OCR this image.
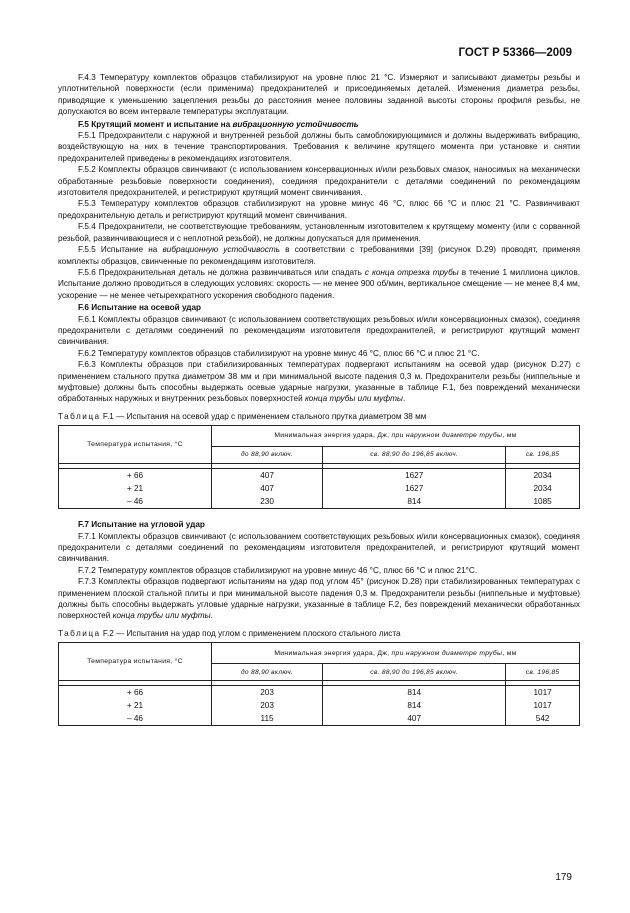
ГОСТ Р 53366—2009

F.4.3 Температуру комплектов образцов стабилизируют на уровне плюс 21 °С. Измеряют и записывают диаметры резьбы и уплотнительной поверхности (если применима) предохранителей и присоединяемых деталей. Изменения диаметра резьбы, приводящие к уменьшению зацепления резьбы до расстояния менее половины заданной высоты стороны профиля резьбы, не допускаются во всем интервале температуры эксплуатации.

F.5 Крутящий момент и испытание на вибрационную устойчивость

F.5.1 Предохранители с наружной и внутренней резьбой должны быть самоблокирующимися и должны выдерживать вибрацию, воздействующую на них в течение транспортирования. Требования к величине крутящего момента при установке и снятии предохранителей приведены в рекомендациях изготовителя.

F.5.2 Комплекты образцов свинчивают (с использованием консервационных и/или резьбовых смазок, наносимых на механически обработанные резьбовые поверхности соединения), соединяя предохранители с деталями соединений по рекомендациям изготовителя предохранителей, и регистрируют крутящий момент свинчивания.

F.5.3 Температуру комплектов образцов стабилизируют на уровне минус 46 °С, плюс 66 °С и плюс 21 °С. Развинчивают предохранительную деталь и регистрируют крутящий момент свинчивания.

F.5.4 Предохранители, не соответствующие требованиям, установленным изготовителем к крутящему моменту (или с сорванной резьбой, развинчивающиеся и с неплотной резьбой), не должны допускаться для применения.

F.5.5 Испытание на вибрационную устойчивость в соответствии с требованиями [39] (рисунок D.29) проводят, применяя комплекты образцов, свинченные по рекомендациям изготовителя.

F.5.6 Предохранительная деталь не должна развинчиваться или спадать с конца отрезка трубы в течение 1 миллиона циклов. Испытание должно проводиться в следующих условиях: скорость — не менее 900 об/мин, вертикальное смещение — не менее 8,4 мм, ускорение — не менее четырехкратного ускорения свободного падения.

F.6 Испытание на осевой удар

F.6.1 Комплекты образцов свинчивают (с использованием соответствующих резьбовых и/или консервационных смазок), соединяя предохранители с деталями соединений по рекомендациям изготовителя предохранителей, и регистрируют крутящий момент свинчивания.

F.6.2 Температуру комплектов образцов стабилизируют на уровне минус 46 °С, плюс 66 °С и плюс 21 °С.

F.6.3 Комплекты образцов при стабилизированных температурах подвергают испытаниям на осевой удар (рисунок D.27) с применением стального прутка диаметром 38 мм и при минимальной высоте падения 0,3 м. Предохранители резьбы (ниппельные и муфтовые) должны быть способны выдержать осевые ударные нагрузки, указанные в таблице F.1, без повреждений механически обработанных наружных и внутренних резьбовых поверхностей конца трубы или муфты.

Таблица F.1 — Испытания на осевой удар с применением стального прутка диаметром 38 мм

Температура испытания, °С	Минимальная энергия удара, Дж, при наружном диаметре трубы, мм		
	до 88,90 включ.	св. 88,90 до 196,85 включ.	св. 196,85

+ 66	407	1627	2034
+ 21	407	1627	2034
– 46	230	814	1085

F.7 Испытание на угловой удар

F.7.1 Комплекты образцов свинчивают (с использованием соответствующих резьбовых и/или консервационных смазок), соединяя предохранители с деталями соединений по рекомендациям изготовителя предохранителей, и регистрируют крутящий момент свинчивания.

F.7.2 Температуру комплектов образцов стабилизируют на уровне минус 46 °С, плюс 66 °С и плюс 21°С.

F.7.3 Комплекты образцов подвергают испытаниям на удар под углом 45° (рисунок D.28) при стабилизированных температурах с применением плоской стальной плиты и при минимальной высоте падения 0,3 м. Предохранители резьбы (ниппельные и муфтовые) должны быть способны выдержать угловые ударные нагрузки, указанные в таблице F.2, без повреждений механически обработанных поверхностей конца трубы или муфты.

Таблица F.2 — Испытания на удар под углом с применением плоского стального листа

Температура испытания, °С	Минимальная энергия удара, Дж, при наружном диаметре трубы, мм		
	до 88,90 включ.	св. 88,90 до 196,85 включ.	св. 196,85

+ 66	203	814	1017
+ 21	203	814	1017
– 46	115	407	542
179
